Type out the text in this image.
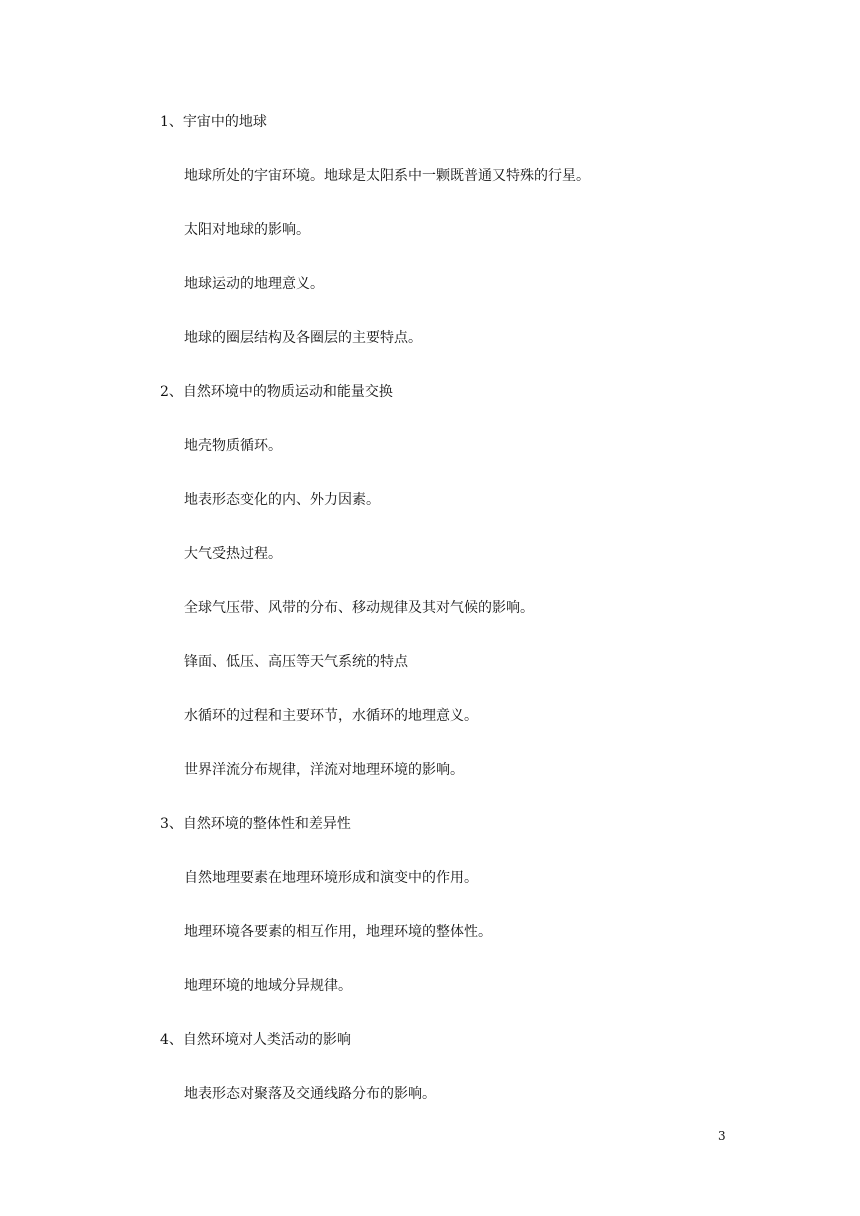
1、宇宙中的地球
地球所处的宇宙环境。地球是太阳系中一颗既普通又特殊的行星。
太阳对地球的影响。
地球运动的地理意义。
地球的圈层结构及各圈层的主要特点。
2、自然环境中的物质运动和能量交换
地壳物质循环。
地表形态变化的内、外力因素。
大气受热过程。
全球气压带、风带的分布、移动规律及其对气候的影响。
锋面、低压、高压等天气系统的特点
水循环的过程和主要环节，水循环的地理意义。
世界洋流分布规律，洋流对地理环境的影响。
3、自然环境的整体性和差异性
自然地理要素在地理环境形成和演变中的作用。
地理环境各要素的相互作用，地理环境的整体性。
地理环境的地域分异规律。
4、自然环境对人类活动的影响
地表形态对聚落及交通线路分布的影响。
3
